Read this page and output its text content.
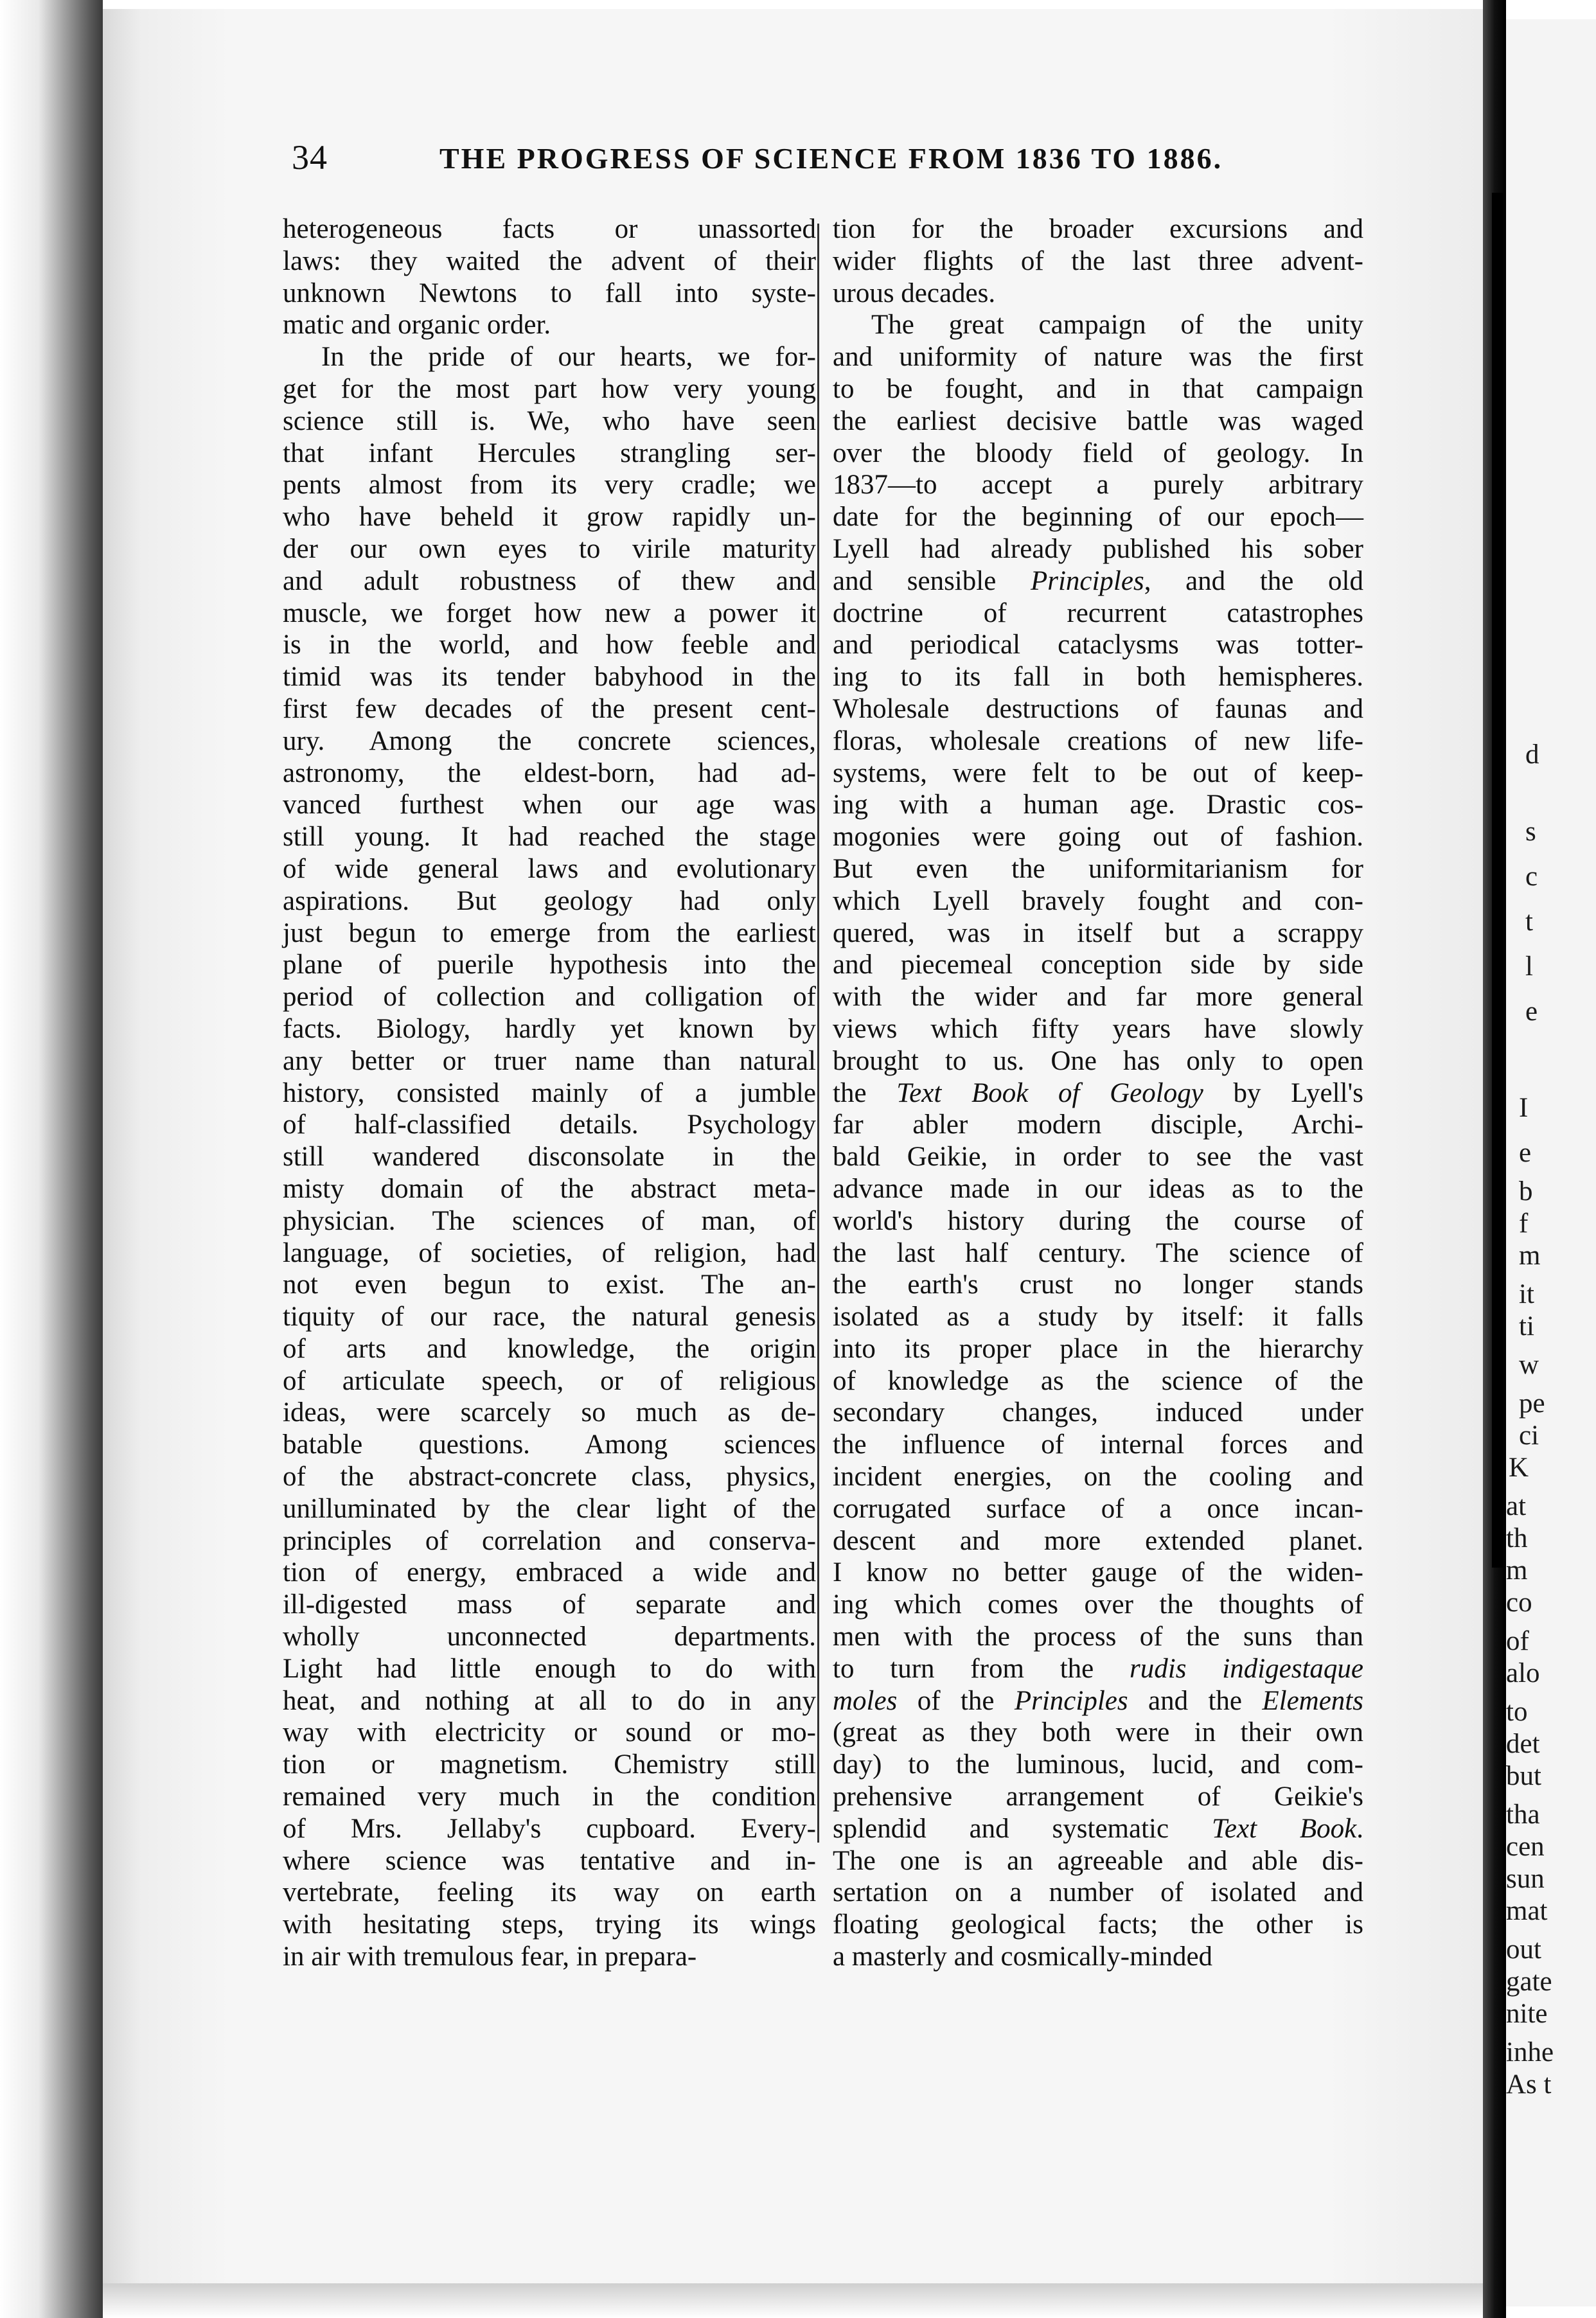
34	THE PROGRESS OF SCIENCE FROM 1836 TO 1886.
heterogeneous facts or unassorted
laws: they waited the advent of their
unknown Newtons to fall into syste-
matic and organic order.
In the pride of our hearts, we for-
get for the most part how very young
science still is. We, who have seen
that infant Hercules strangling ser-
pents almost from its very cradle; we
who have beheld it grow rapidly un-
der our own eyes to virile maturity
and adult robustness of thew and
muscle, we forget how new a power it
is in the world, and how feeble and
timid was its tender babyhood in the
first few decades of the present cent-
ury. Among the concrete sciences,
astronomy, the eldest-born, had ad-
vanced furthest when our age was
still young. It had reached the stage
of wide general laws and evolutionary
aspirations. But geology had only
just begun to emerge from the earliest
plane of puerile hypothesis into the
period of collection and colligation of
facts. Biology, hardly yet known by
any better or truer name than natural
history, consisted mainly of a jumble
of half-classified details. Psychology
still wandered disconsolate in the
misty domain of the abstract meta-
physician. The sciences of man, of
language, of societies, of religion, had
not even begun to exist. The an-
tiquity of our race, the natural genesis
of arts and knowledge, the origin
of articulate speech, or of religious
ideas, were scarcely so much as de-
batable questions. Among sciences
of the abstract-concrete class, physics,
unilluminated by the clear light of the
principles of correlation and conserva-
tion of energy, embraced a wide and
ill-digested mass of separate and
wholly unconnected departments.
Light had little enough to do with
heat, and nothing at all to do in any
way with electricity or sound or mo-
tion or magnetism. Chemistry still
remained very much in the condition
of Mrs. Jellaby's cupboard. Every-
where science was tentative and in-
vertebrate, feeling its way on earth
with hesitating steps, trying its wings
in air with tremulous fear, in prepara-
tion for the broader excursions and
wider flights of the last three advent-
urous decades.
The great campaign of the unity
and uniformity of nature was the first
to be fought, and in that campaign
the earliest decisive battle was waged
over the bloody field of geology. In
1837—to accept a purely arbitrary
date for the beginning of our epoch—
Lyell had already published his sober
and sensible Principles, and the old
doctrine of recurrent catastrophes
and periodical cataclysms was totter-
ing to its fall in both hemispheres.
Wholesale destructions of faunas and
floras, wholesale creations of new life-
systems, were felt to be out of keep-
ing with a human age. Drastic cos-
mogonies were going out of fashion.
But even the uniformitarianism for
which Lyell bravely fought and con-
quered, was in itself but a scrappy
and piecemeal conception side by side
with the wider and far more general
views which fifty years have slowly
brought to us. One has only to open
the Text Book of Geology by Lyell's
far abler modern disciple, Archi-
bald Geikie, in order to see the vast
advance made in our ideas as to the
world's history during the course of
the last half century. The science of
the earth's crust no longer stands
isolated as a study by itself: it falls
into its proper place in the hierarchy
of knowledge as the science of the
secondary changes, induced under
the influence of internal forces and
incident energies, on the cooling and
corrugated surface of a once incan-
descent and more extended planet.
I know no better gauge of the widen-
ing which comes over the thoughts of
men with the process of the suns than
to turn from the rudis indigestaque
moles of the Principles and the Elements
(great as they both were in their own
day) to the luminous, lucid, and com-
prehensive arrangement of Geikie's
splendid and systematic Text Book.
The one is an agreeable and able dis-
sertation on a number of isolated and
floating geological facts; the other is
a masterly and cosmically-minded
d
s
c
t
l
e
I
e
b
f
m
it
ti
w
pe
ci
K
at
th
m
co
of
alo
to
det
but
tha
cen
sun
mat
out
gate
nite
inhe
As t
